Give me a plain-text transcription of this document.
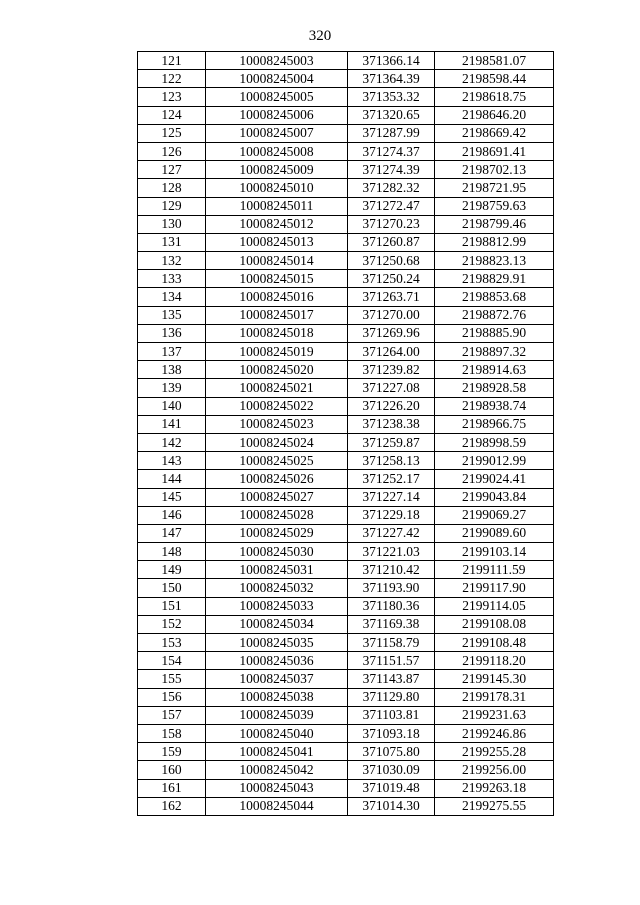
320
121	10008245003	371366.14	2198581.07
122	10008245004	371364.39	2198598.44
123	10008245005	371353.32	2198618.75
124	10008245006	371320.65	2198646.20
125	10008245007	371287.99	2198669.42
126	10008245008	371274.37	2198691.41
127	10008245009	371274.39	2198702.13
128	10008245010	371282.32	2198721.95
129	10008245011	371272.47	2198759.63
130	10008245012	371270.23	2198799.46
131	10008245013	371260.87	2198812.99
132	10008245014	371250.68	2198823.13
133	10008245015	371250.24	2198829.91
134	10008245016	371263.71	2198853.68
135	10008245017	371270.00	2198872.76
136	10008245018	371269.96	2198885.90
137	10008245019	371264.00	2198897.32
138	10008245020	371239.82	2198914.63
139	10008245021	371227.08	2198928.58
140	10008245022	371226.20	2198938.74
141	10008245023	371238.38	2198966.75
142	10008245024	371259.87	2198998.59
143	10008245025	371258.13	2199012.99
144	10008245026	371252.17	2199024.41
145	10008245027	371227.14	2199043.84
146	10008245028	371229.18	2199069.27
147	10008245029	371227.42	2199089.60
148	10008245030	371221.03	2199103.14
149	10008245031	371210.42	2199111.59
150	10008245032	371193.90	2199117.90
151	10008245033	371180.36	2199114.05
152	10008245034	371169.38	2199108.08
153	10008245035	371158.79	2199108.48
154	10008245036	371151.57	2199118.20
155	10008245037	371143.87	2199145.30
156	10008245038	371129.80	2199178.31
157	10008245039	371103.81	2199231.63
158	10008245040	371093.18	2199246.86
159	10008245041	371075.80	2199255.28
160	10008245042	371030.09	2199256.00
161	10008245043	371019.48	2199263.18
162	10008245044	371014.30	2199275.55
